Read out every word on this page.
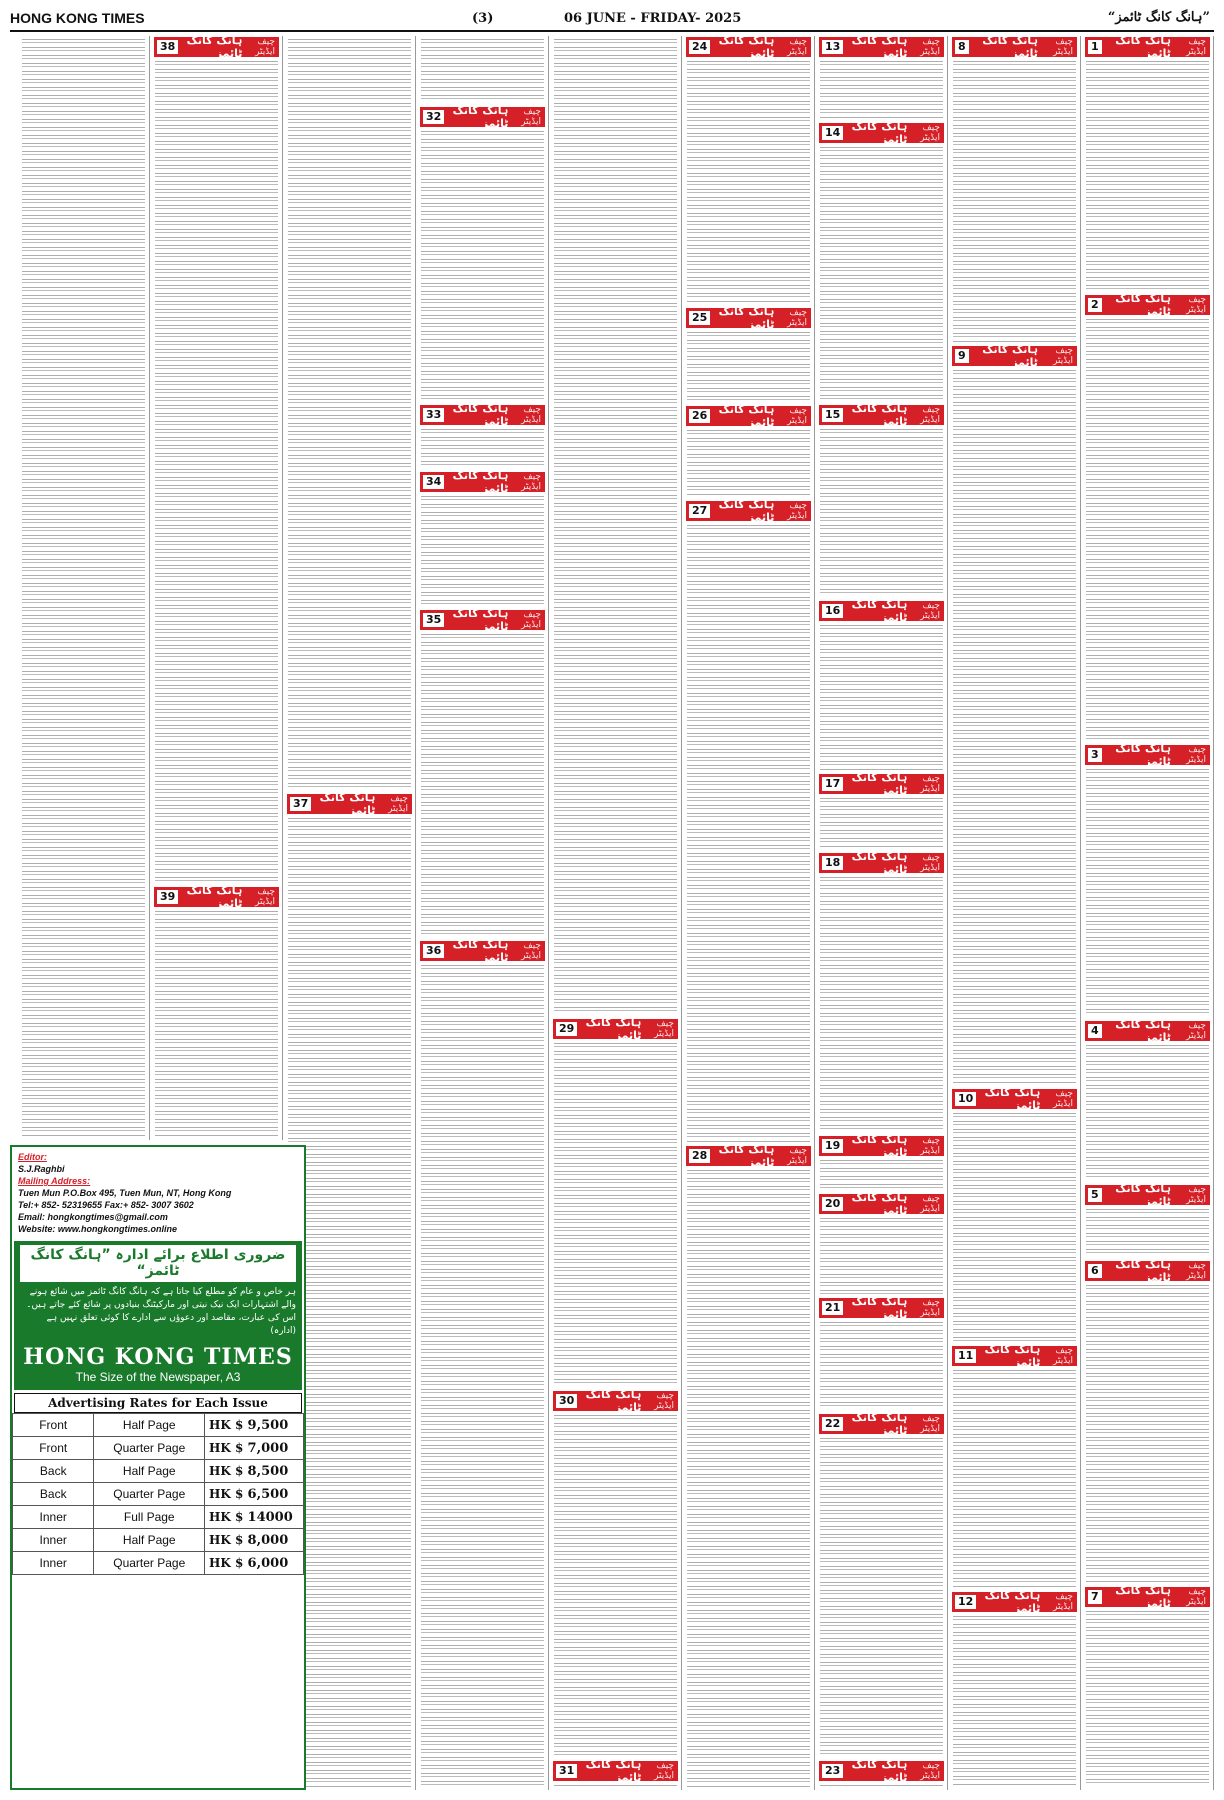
HONG KONG TIMES	(3)	06 JUNE - FRIDAY- 2025	”ہانگ کانگ ٹائمز“
چیف ایڈیٹر
ہانگ کانگ ٹائمز
1
چیف ایڈیٹر
ہانگ کانگ ٹائمز
2
چیف ایڈیٹر
ہانگ کانگ ٹائمز
3
چیف ایڈیٹر
ہانگ کانگ ٹائمز
4
چیف ایڈیٹر
ہانگ کانگ ٹائمز
5
چیف ایڈیٹر
ہانگ کانگ ٹائمز
6
چیف ایڈیٹر
ہانگ کانگ ٹائمز
7
چیف ایڈیٹر
ہانگ کانگ ٹائمز
8
چیف ایڈیٹر
ہانگ کانگ ٹائمز
9
چیف ایڈیٹر
ہانگ کانگ ٹائمز
10
چیف ایڈیٹر
ہانگ کانگ ٹائمز
11
چیف ایڈیٹر
ہانگ کانگ ٹائمز
12
چیف ایڈیٹر
ہانگ کانگ ٹائمز
13
چیف ایڈیٹر
ہانگ کانگ ٹائمز
14
چیف ایڈیٹر
ہانگ کانگ ٹائمز
15
چیف ایڈیٹر
ہانگ کانگ ٹائمز
16
چیف ایڈیٹر
ہانگ کانگ ٹائمز
17
چیف ایڈیٹر
ہانگ کانگ ٹائمز
18
چیف ایڈیٹر
ہانگ کانگ ٹائمز
19
چیف ایڈیٹر
ہانگ کانگ ٹائمز
20
چیف ایڈیٹر
ہانگ کانگ ٹائمز
21
چیف ایڈیٹر
ہانگ کانگ ٹائمز
22
چیف ایڈیٹر
ہانگ کانگ ٹائمز
23
چیف ایڈیٹر
ہانگ کانگ ٹائمز
24
چیف ایڈیٹر
ہانگ کانگ ٹائمز
25
چیف ایڈیٹر
ہانگ کانگ ٹائمز
26
چیف ایڈیٹر
ہانگ کانگ ٹائمز
27
چیف ایڈیٹر
ہانگ کانگ ٹائمز
28
چیف ایڈیٹر
ہانگ کانگ ٹائمز
29
چیف ایڈیٹر
ہانگ کانگ ٹائمز
30
چیف ایڈیٹر
ہانگ کانگ ٹائمز
31
چیف ایڈیٹر
ہانگ کانگ ٹائمز
32
چیف ایڈیٹر
ہانگ کانگ ٹائمز
33
چیف ایڈیٹر
ہانگ کانگ ٹائمز
34
چیف ایڈیٹر
ہانگ کانگ ٹائمز
35
چیف ایڈیٹر
ہانگ کانگ ٹائمز
36
چیف ایڈیٹر
ہانگ کانگ ٹائمز
37
چیف ایڈیٹر
ہانگ کانگ ٹائمز
38
چیف ایڈیٹر
ہانگ کانگ ٹائمز
39
Editor:
S.J.Raghbi
Mailing Address:
Tuen Mun P.O.Box 495, Tuen Mun, NT, Hong Kong
Tel:+ 852- 52319655 Fax:+ 852- 3007 3602
Email: hongkongtimes@gmail.com
Website: www.hongkongtimes.online
ضروری اطلاع برائے ادارہ ”ہانگ کانگ ٹائمز“
ہر خاص و عام کو مطلع کیا جاتا ہے کہ ہانگ کانگ ٹائمز میں شائع ہونے والے اشتہارات ایک نیک نیتی اور مارکیٹنگ بنیادوں پر شائع کئے جاتے ہیں۔ اس کی عبارت، مقاصد اور دعوؤں سے ادارے کا کوئی تعلق نہیں ہے (ادارہ)
HONG KONG TIMES
The Size of the Newspaper, A3
Advertising Rates for Each Issue
Front	Half Page	HK $ 9,500
Front	Quarter Page	HK $ 7,000
Back	Half Page	HK $ 8,500
Back	Quarter Page	HK $ 6,500
Inner	Full Page	HK $ 14000
Inner	Half Page	HK $ 8,000
Inner	Quarter Page	HK $ 6,000
